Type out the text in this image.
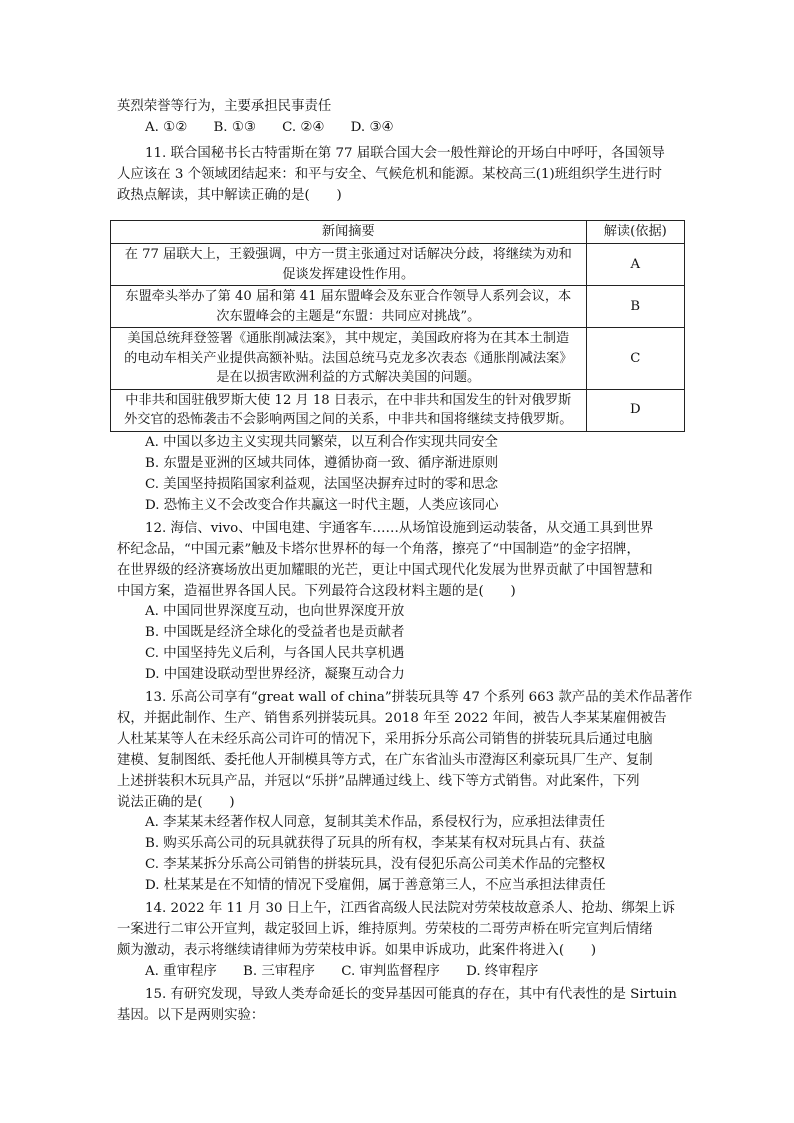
英烈荣誉等行为，主要承担民事责任
A. ①② B. ①③ C. ②④ D. ③④
11. 联合国秘书长古特雷斯在第 77 届联合国大会一般性辩论的开场白中呼吁，各国领导
人应该在 3 个领域团结起来：和平与安全、气候危机和能源。某校高三(1)班组织学生进行时
政热点解读，其中解读正确的是(　　)
新闻摘要	解读(依据)

在 77 届联大上，王毅强调，中方一贯主张通过对话解决分歧，将继续为劝和
促谈发挥建设性作用。	A

东盟牵头举办了第 40 届和第 41 届东盟峰会及东亚合作领导人系列会议，本
次东盟峰会的主题是“东盟：共同应对挑战”。	B

美国总统拜登签署《通胀削减法案》，其中规定，美国政府将为在其本土制造
的电动车相关产业提供高额补贴。法国总统马克龙多次表态《通胀削减法案》
是在以损害欧洲利益的方式解决美国的问题。	C

中非共和国驻俄罗斯大使 12 月 18 日表示，在中非共和国发生的针对俄罗斯
外交官的恐怖袭击不会影响两国之间的关系，中非共和国将继续支持俄罗斯。	D
A. 中国以多边主义实现共同繁荣，以互利合作实现共同安全
B. 东盟是亚洲的区域共同体，遵循协商一致、循序渐进原则
C. 美国坚持损陷国家利益观，法国坚决摒弃过时的零和思念
D. 恐怖主义不会改变合作共赢这一时代主题，人类应该同心
12. 海信、vivo、中国电建、宇通客车……从场馆设施到运动装备，从交通工具到世界
杯纪念品，“中国元素”触及卡塔尔世界杯的每一个角落，擦亮了“中国制造”的金字招牌，
在世界级的经济赛场放出更加耀眼的光芒，更让中国式现代化发展为世界贡献了中国智慧和
中国方案，造福世界各国人民。下列最符合这段材料主题的是(　　)
A. 中国同世界深度互动，也向世界深度开放
B. 中国既是经济全球化的受益者也是贡献者
C. 中国坚持先义后利，与各国人民共享机遇
D. 中国建设联动型世界经济，凝聚互动合力
13. 乐高公司享有“great wall of china”拼装玩具等 47 个系列 663 款产品的美术作品著作
权，并据此制作、生产、销售系列拼装玩具。2018 年至 2022 年间，被告人李某某雇佣被告
人杜某某等人在未经乐高公司许可的情况下，采用拆分乐高公司销售的拼装玩具后通过电脑
建模、复制图纸、委托他人开制模具等方式，在广东省汕头市澄海区利豪玩具厂生产、复制
上述拼装积木玩具产品，并冠以“乐拼”品牌通过线上、线下等方式销售。对此案件，下列
说法正确的是(　　)
A. 李某某未经著作权人同意，复制其美术作品，系侵权行为，应承担法律责任
B. 购买乐高公司的玩具就获得了玩具的所有权，李某某有权对玩具占有、获益
C. 李某某拆分乐高公司销售的拼装玩具，没有侵犯乐高公司美术作品的完整权
D. 杜某某是在不知情的情况下受雇佣，属于善意第三人，不应当承担法律责任
14. 2022 年 11 月 30 日上午，江西省高级人民法院对劳荣枝故意杀人、抢劫、绑架上诉
一案进行二审公开宣判，裁定驳回上诉，维持原判。劳荣枝的二哥劳声桥在听完宣判后情绪
颇为激动，表示将继续请律师为劳荣枝申诉。如果申诉成功，此案件将进入(　　)
A. 重审程序 B. 三审程序 C. 审判监督程序 D. 终审程序
15. 有研究发现，导致人类寿命延长的变异基因可能真的存在，其中有代表性的是 Sirtuin
基因。以下是两则实验：
